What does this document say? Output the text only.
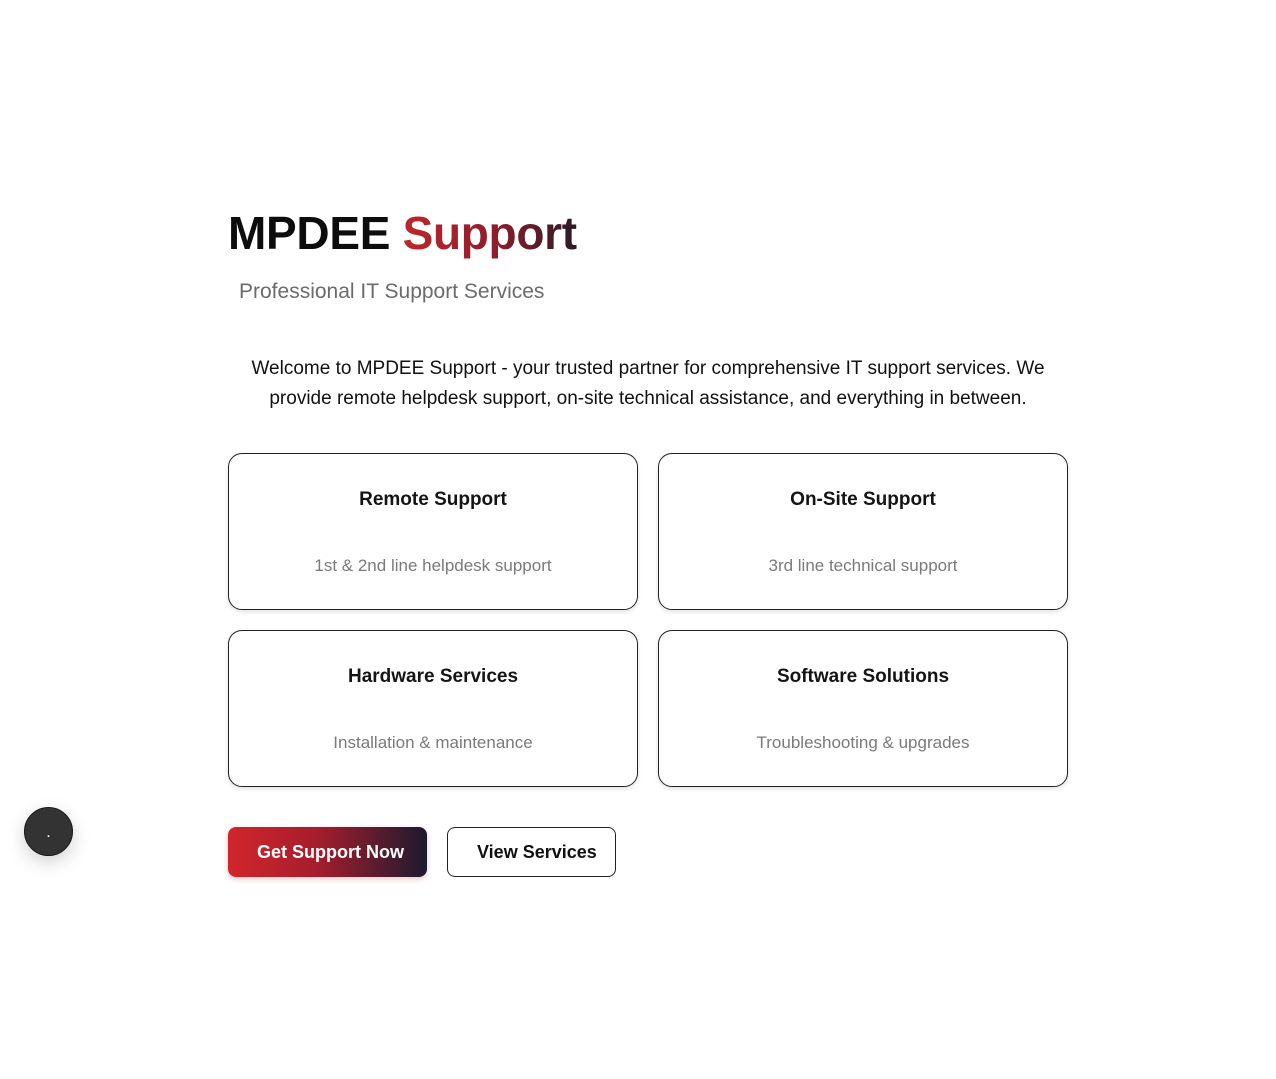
MPDEE Support
Professional IT Support Services

Welcome to MPDEE Support - your trusted partner for comprehensive IT support services. We provide remote helpdesk support, on-site technical assistance, and everything in between.

Remote Support
1st & 2nd line helpdesk support
On-Site Support
3rd line technical support
Hardware Services
Installation & maintenance
Software Solutions
Troubleshooting & upgrades
Get Support Now	View Services
.
